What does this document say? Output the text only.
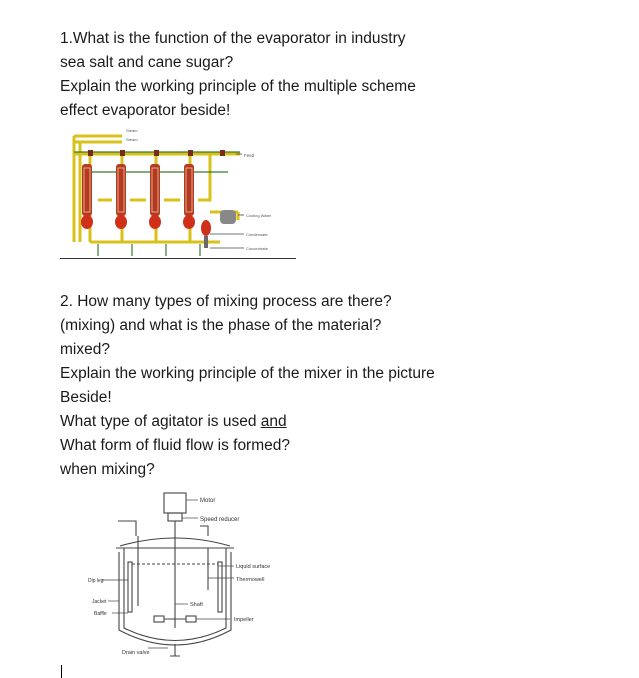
1.What is the function of the evaporator in industry
sea salt and cane sugar?
Explain the working principle of the multiple scheme
effect evaporator beside!
Steam
Steam
Feed
Cooling Water
Condensate
Concentrate
2. How many types of mixing process are there?
(mixing) and what is the phase of the material?
mixed?
Explain the working principle of the mixer in the picture
Beside!
What type of agitator is used and
What form of fluid flow is formed?
when mixing?
Motor
Speed reducer
Liquid surface
Thermowell
Dip leg
Jacket
Baffle
Shaft
Impeller
Drain valve
